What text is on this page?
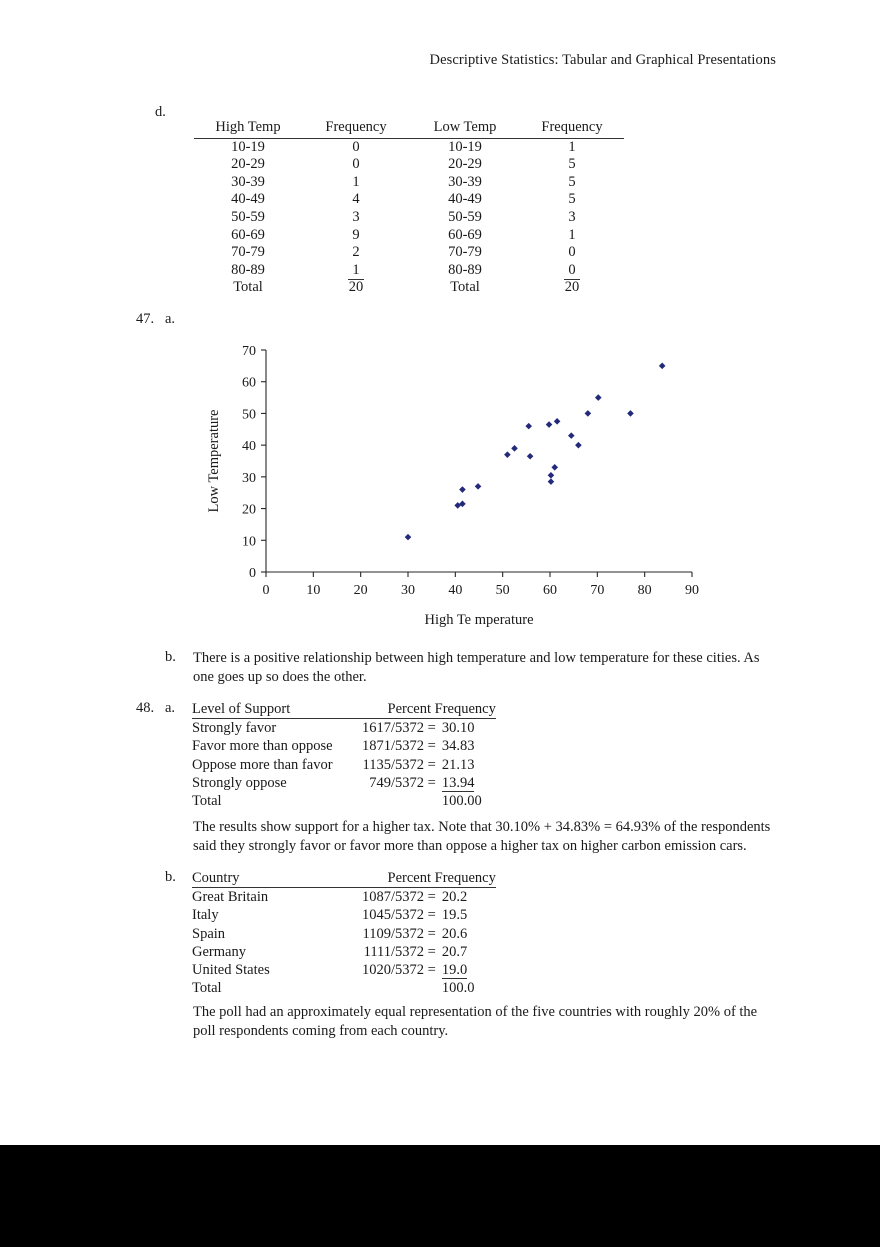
Descriptive Statistics: Tabular and Graphical Presentations
d.
High Temp	Frequency	Low Temp	Frequency
10-19	0	10-19	1
20-29	0	20-29	5
30-39	1	30-39	5
40-49	4	40-49	5
50-59	3	50-59	3
60-69	9	60-69	1
70-79	2	70-79	0
80-89	1	80-89	0
Total	20	Total	20
47. a.
0
10
20
30
40
50
60
70
0	10 20 30 40 50 60 70 80 90
Low Temperature
High Te mperature
b. There is a positive relationship between high temperature and low temperature for these cities. As one goes up so does the other.
48. a. Level of Support	Percent Frequency	
Strongly favor	1617/5372 =	30.10
Favor more than oppose	1871/5372 =	34.83
Oppose more than favor	1135/5372 =	21.13
Strongly oppose	749/5372 =	13.94
Total		100.00
The results show support for a higher tax. Note that 30.10% + 34.83% = 64.93% of the respondents said they strongly favor or favor more than oppose a higher tax on higher carbon emission cars.
b. Country	Percent Frequency	
Great Britain	1087/5372 =	20.2
Italy	1045/5372 =	19.5
Spain	1109/5372 =	20.6
Germany	1111/5372 =	20.7
United States	1020/5372 =	19.0
Total		100.0
The poll had an approximately equal representation of the five countries with roughly 20% of the poll respondents coming from each country.
